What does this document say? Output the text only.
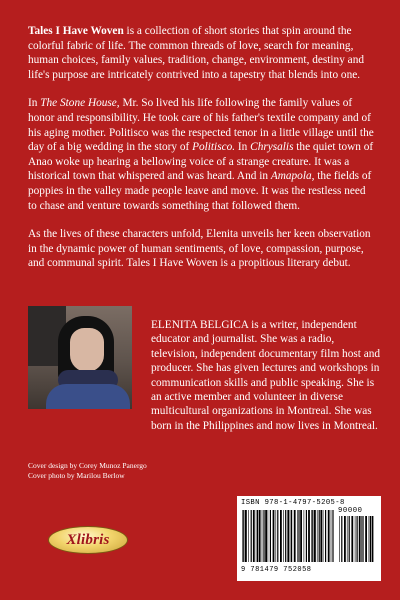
Tales I Have Woven is a collection of short stories that spin around the colorful fabric of life. The common threads of love, search for meaning, human choices, family values, tradition, change, environment, destiny and life's purpose are intricately contrived into a tapestry that blends into one.

In The Stone House, Mr. So lived his life following the family values of honor and responsibility. He took care of his father's textile company and of his aging mother. Politisco was the respected tenor in a little village until the day of a big wedding in the story of Politisco. In Chrysalis the quiet town of Anao woke up hearing a bellowing voice of a strange creature. It was a historical town that whispered and was heard. And in Amapola, the fields of poppies in the valley made people leave and move. It was the restless need to chase and venture towards something that followed them.

As the lives of these characters unfold, Elenita unveils her keen observation in the dynamic power of human sentiments, of love, compassion, purpose, and communal spirit. Tales I Have Woven is a propitious literary debut.

ELENITA BELGICA is a writer, independent educator and journalist. She was a radio, television, independent documentary film host and producer. She has given lectures and workshops in communication skills and public speaking. She is an active member and volunteer in diverse multicultural organizations in Montreal. She was born in the Philippines and now lives in Montreal.
Cover design by Corey Munoz Panergo
Cover photo by Marilou Berlow
Xlibris
ISBN 978-1-4797-5205-8
90000
9 781479 752058
